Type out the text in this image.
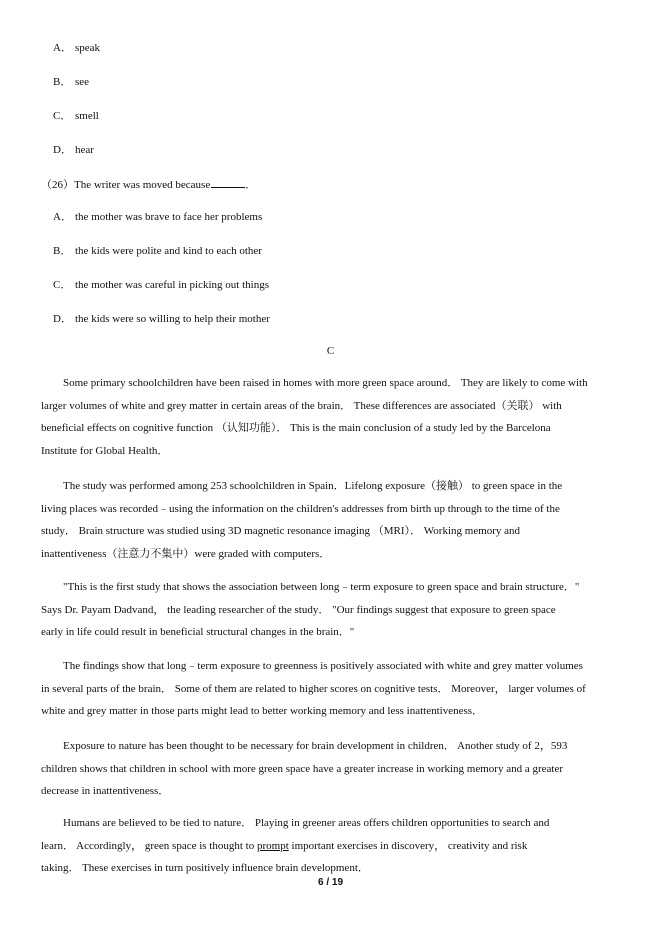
A． speak
B． see
C． smell
D． hear
（26）The writer was moved because	．
A． the mother was brave to face her problems
B． the kids were polite and kind to each other
C． the mother was careful in picking out things
D． the kids were so willing to help their mother
C
Some primary schoolchildren have been raised in homes with more green space around． They are likely to come with
larger volumes of white and grey matter in certain areas of the brain． These differences are associated（关联） with
beneficial effects on cognitive function （认知功能）． This is the main conclusion of a study led by the Barcelona
Institute for Global Health．
The study was performed among 253 schoolchildren in Spain．Lifelong exposure（接触） to green space in the
living places was recorded﹣using the information on the children's addresses from birth up through to the time of the
study． Brain structure was studied using 3D magnetic resonance imaging （MRI）． Working memory and
inattentiveness（注意力不集中）were graded with computers．
"This is the first study that shows the association between long﹣term exposure to green space and brain structure．"
Says Dr. Payam Dadvand， the leading researcher of the study． "Our findings suggest that exposure to green space
early in life could result in beneficial structural changes in the brain．"
The findings show that long﹣term exposure to greenness is positively associated with white and grey matter volumes
in several parts of the brain． Some of them are related to higher scores on cognitive tests． Moreover， larger volumes of
white and grey matter in those parts might lead to better working memory and less inattentiveness．
Exposure to nature has been thought to be necessary for brain development in children． Another study of 2，593
children shows that children in school with more green space have a greater increase in working memory and a greater
decrease in inattentiveness．
Humans are believed to be tied to nature． Playing in greener areas offers children opportunities to search and
learn． Accordingly， green space is thought to prompt important exercises in discovery， creativity and risk
taking． These exercises in turn positively influence brain development．
6 / 19
